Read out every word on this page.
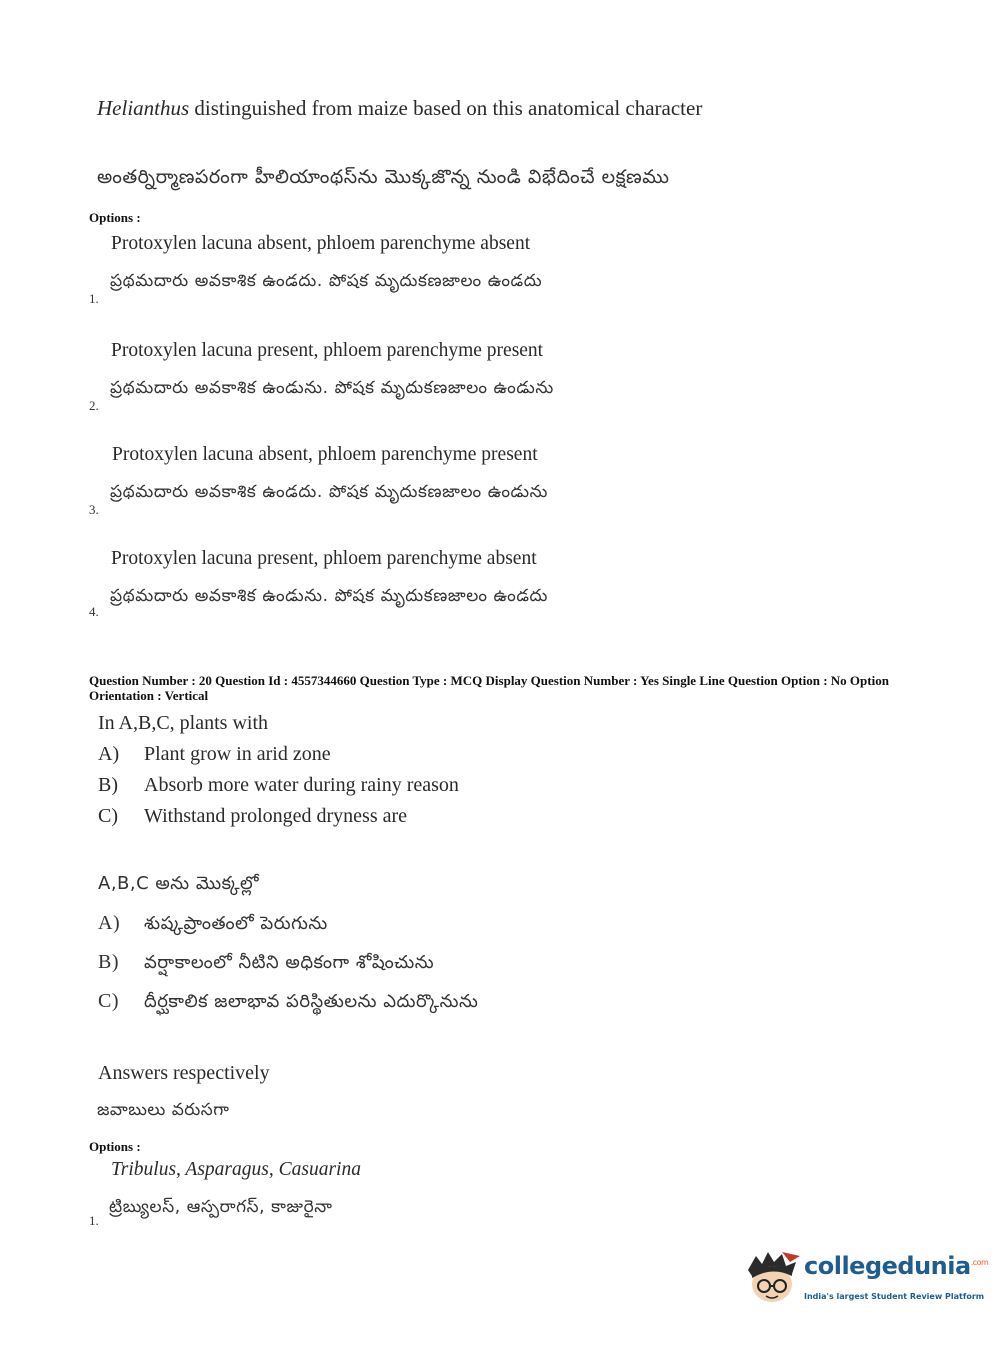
Helianthus distinguished from maize based on this anatomical character
అంతర్నిర్మాణపరంగా హీలియాంథస్‌ను మొక్కజొన్న నుండి విభేదించే లక్షణము
Options :
Protoxylen lacuna absent, phloem parenchyme absent
ప్రథమదారు అవకాశిక ఉండదు. పోషక మృదుకణజాలం ఉండదు
1.
Protoxylen lacuna present, phloem parenchyme present
ప్రథమదారు అవకాశిక ఉండును. పోషక మృదుకణజాలం ఉండును
2.
Protoxylen lacuna absent, phloem parenchyme present
ప్రథమదారు అవకాశిక ఉండదు. పోషక మృదుకణజాలం ఉండును
3.
Protoxylen lacuna present, phloem parenchyme absent
ప్రథమదారు అవకాశిక ఉండును. పోషక మృదుకణజాలం ఉండదు
4.
Question Number : 20 Question Id : 4557344660 Question Type : MCQ Display Question Number : Yes Single Line Question Option : No Option Orientation : Vertical
In A,B,C, plants with
A) Plant grow in arid zone
B) Absorb more water during rainy reason
C) Withstand prolonged dryness are
A,B,C అను మొక్కల్లో
A) శుష్కప్రాంతంలో పెరుగును
B) వర్షాకాలంలో నీటిని అధికంగా శోషించును
C) దీర్ఘకాలిక జలాభావ పరిస్థితులను ఎదుర్కొనును
Answers respectively
జవాబులు వరుసగా
Options :
Tribulus, Asparagus, Casuarina
ట్రిబ్యులస్, ఆస్పరాగస్, కాజురైనా
1.
collegedunia$^{.com}$
India's largest Student Review Platform
